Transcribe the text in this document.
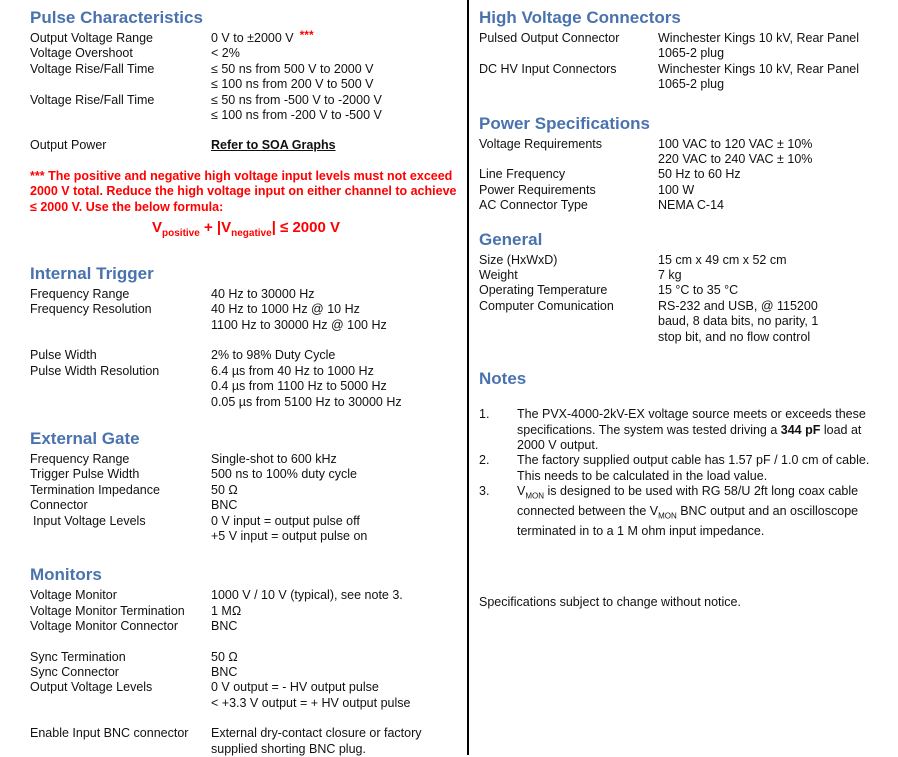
Pulse Characteristics
Output Voltage Range	0 V to ±2000 V ***
Voltage Overshoot	< 2%
Voltage Rise/Fall Time	≤ 50 ns from 500 V to 2000 V
≤ 100 ns from 200 V to 500 V
Voltage Rise/Fall Time	≤ 50 ns from -500 V to -2000 V
≤ 100 ns from -200 V to -500 V
Output Power	Refer to SOA Graphs

*** The positive and negative high voltage input levels must not exceed 2000 V total. Reduce the high voltage input on either channel to achieve ≤ 2000 V. Use the below formula:

$V_{positive} + |V_{negative}| \le 2000$ V
Internal Trigger
Frequency Range	40 Hz to 30000 Hz
Frequency Resolution	40 Hz to 1000 Hz @ 10 Hz
1100 Hz to 30000 Hz @ 100 Hz
Pulse Width	2% to 98% Duty Cycle
Pulse Width Resolution	6.4 µs from 40 Hz to 1000 Hz
0.4 µs from 1100 Hz to 5000 Hz
0.05 µs from 5100 Hz to 30000 Hz
External Gate
Frequency Range	Single-shot to 600 kHz
Trigger Pulse Width	500 ns to 100% duty cycle
Termination Impedance	50 Ω
Connector	BNC
Input Voltage Levels	0 V input = output pulse off
+5 V input = output pulse on
Monitors
Voltage Monitor	1000 V / 10 V (typical), see note 3.
Voltage Monitor Termination	1 MΩ
Voltage Monitor Connector	BNC
Sync Termination	50 Ω
Sync Connector	BNC
Output Voltage Levels	0 V output = - HV output pulse
< +3.3 V output = + HV output pulse
Enable Input BNC connector	External dry-contact closure or factory
supplied shorting BNC plug.
High Voltage Connectors
Pulsed Output Connector	Winchester Kings 10 kV, Rear Panel
1065-2 plug
DC HV Input Connectors	Winchester Kings 10 kV, Rear Panel
1065-2 plug
Power Specifications
Voltage Requirements	100 VAC to 120 VAC ± 10%
220 VAC to 240 VAC ± 10%
Line Frequency	50 Hz to 60 Hz
Power Requirements	100 W
AC Connector Type	NEMA C-14
General
Size (HxWxD)	15 cm x 49 cm x 52 cm
Weight	7 kg
Operating Temperature	15 °C to 35 °C
Computer Comunication	RS-232 and USB, @ 115200
baud, 8 data bits, no parity, 1
stop bit, and no flow control
Notes
1.	The PVX-4000-2kV-EX voltage source meets or exceeds these specifications. The system was tested driving a 344 pF load at 2000 V output.
2.	The factory supplied output cable has 1.57 pF / 1.0 cm of cable. This needs to be calculated in the load value.
3.	$V_{MON}$ is designed to be used with RG 58/U 2ft long coax cable connected between the $V_{MON}$ BNC output and an oscilloscope terminated in to a 1 M ohm input impedance.

Specifications subject to change without notice.
